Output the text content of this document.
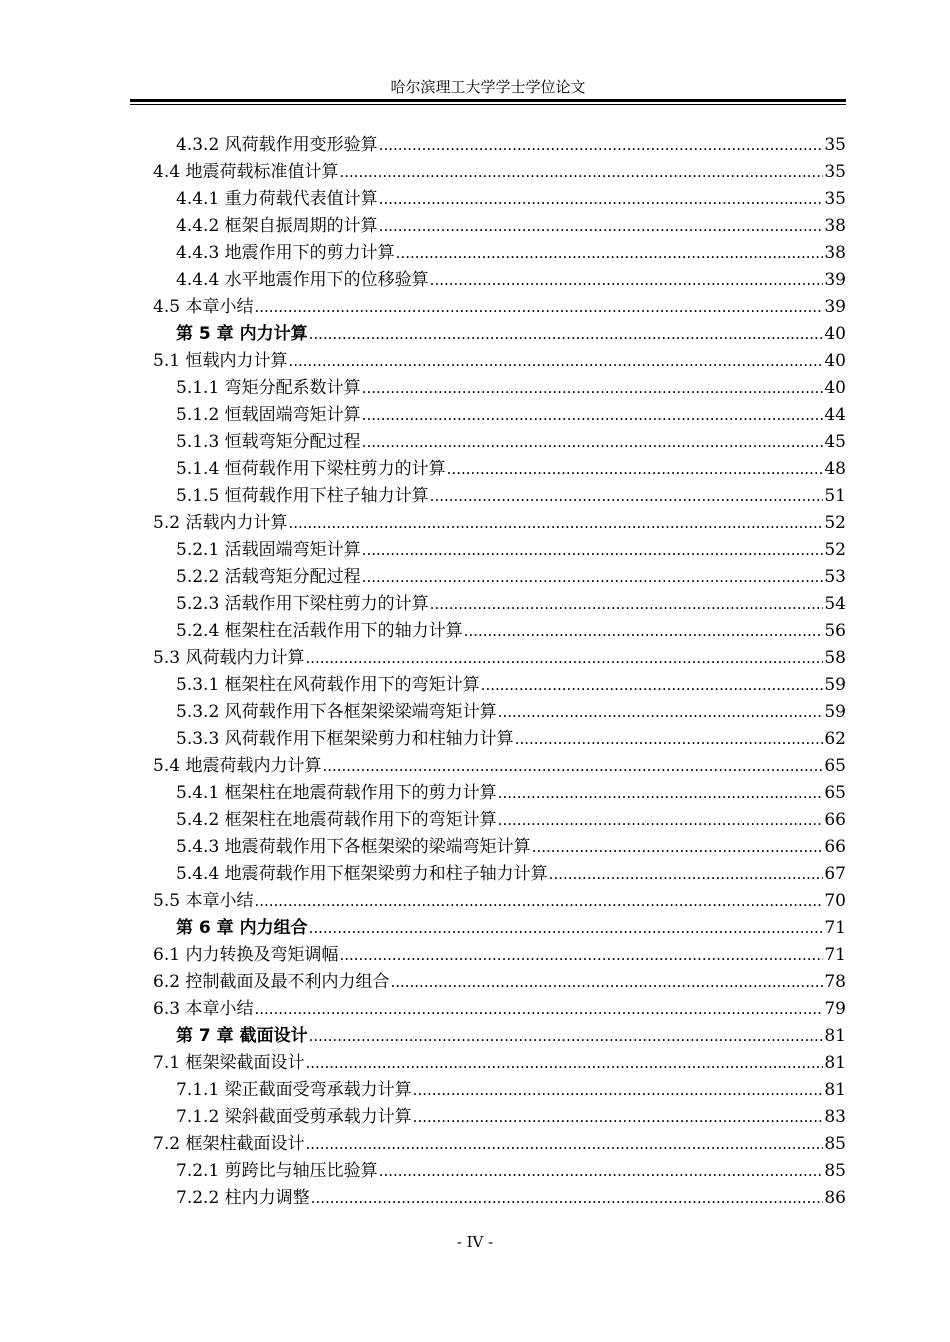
哈尔滨理工大学学士学位论文
4.3.2 风荷载作用变形验算 .....	35
4.4 地震荷载标准值计算 .....	35
4.4.1 重力荷载代表值计算 .....	35
4.4.2 框架自振周期的计算 .....	38
4.4.3 地震作用下的剪力计算 .....	38
4.4.4 水平地震作用下的位移验算 .....	39
4.5 本章小结 .....	39
第 5 章 内力计算 .....	40
5.1 恒载内力计算 .....	40
5.1.1 弯矩分配系数计算 .....	40
5.1.2 恒载固端弯矩计算 .....	44
5.1.3 恒载弯矩分配过程 .....	45
5.1.4 恒荷载作用下梁柱剪力的计算 .....	48
5.1.5 恒荷载作用下柱子轴力计算 .....	51
5.2 活载内力计算 .....	52
5.2.1 活载固端弯矩计算 .....	52
5.2.2 活载弯矩分配过程 .....	53
5.2.3 活载作用下梁柱剪力的计算 .....	54
5.2.4 框架柱在活载作用下的轴力计算 .....	56
5.3 风荷载内力计算 .....	58
5.3.1 框架柱在风荷载作用下的弯矩计算 .....	59
5.3.2 风荷载作用下各框架梁梁端弯矩计算 .....	59
5.3.3 风荷载作用下框架梁剪力和柱轴力计算 .....	62
5.4 地震荷载内力计算 .....	65
5.4.1 框架柱在地震荷载作用下的剪力计算 .....	65
5.4.2 框架柱在地震荷载作用下的弯矩计算 .....	66
5.4.3 地震荷载作用下各框架梁的梁端弯矩计算 .....	66
5.4.4 地震荷载作用下框架梁剪力和柱子轴力计算 .....	67
5.5 本章小结 .....	70
第 6 章 内力组合 .....	71
6.1 内力转换及弯矩调幅 .....	71
6.2 控制截面及最不利内力组合 .....	78
6.3 本章小结 .....	79
第 7 章 截面设计 .....	81
7.1 框架梁截面设计 .....	81
7.1.1 梁正截面受弯承载力计算 .....	81
7.1.2 梁斜截面受剪承载力计算 .....	83
7.2 框架柱截面设计 .....	85
7.2.1 剪跨比与轴压比验算 .....	85
7.2.2 柱内力调整 .....	86
- IV -
